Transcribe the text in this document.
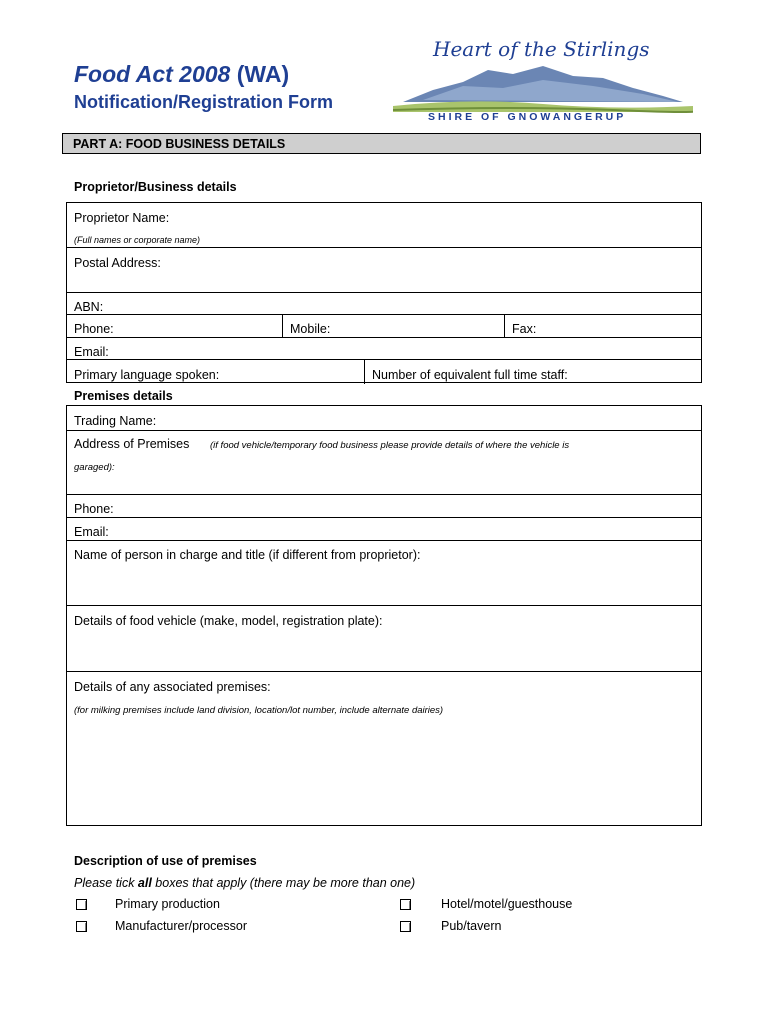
Food Act 2008 (WA)
Notification/Registration Form
Heart of the Stirlings
SHIRE OF GNOWANGERUP
PART A: FOOD BUSINESS DETAILS
Proprietor/Business details
Proprietor Name:
(Full names or corporate name)
Postal Address:
ABN:
Phone:	Mobile:	Fax:
Email:
Primary language spoken:	Number of equivalent full time staff:
Premises details
Trading Name:
Address of Premises (if food vehicle/temporary food business please provide details of where the vehicle is
garaged):
Phone:
Email:
Name of person in charge and title (if different from proprietor):
Details of food vehicle (make, model, registration plate):
Details of any associated premises:
(for milking premises include land division, location/lot number, include alternate dairies)
Description of use of premises
Please tick all boxes that apply (there may be more than one)
Primary production
Manufacturer/processor
Hotel/motel/guesthouse
Pub/tavern
